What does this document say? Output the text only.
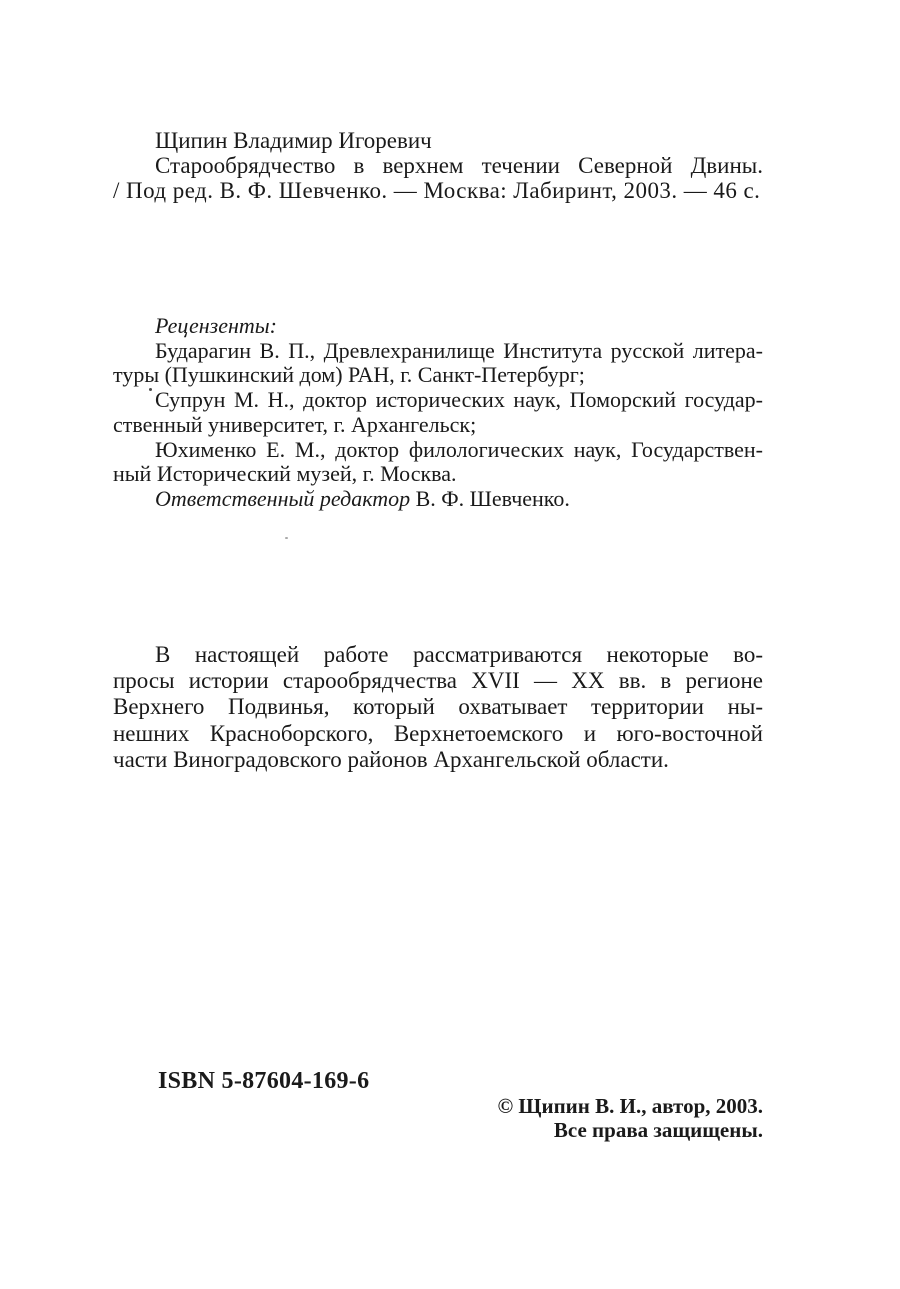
Щипин Владимир Игоревич
Старообрядчество в верхнем течении Северной Двины.
/ Под ред. В. Ф. Шевченко. — Москва: Лабиринт, 2003. — 46 с.
Рецензенты:
Бударагин В. П., Древлехранилище Института русской литера-
туры (Пушкинский дом) РАН, г. Санкт-Петербург;
Супрун М. Н., доктор исторических наук, Поморский государ-
ственный университет, г. Архангельск;
Юхименко Е. М., доктор филологических наук, Государствен-
ный Исторический музей, г. Москва.
Ответственный редактор В. Ф. Шевченко.
В настоящей работе рассматриваются некоторые во-
просы истории старообрядчества XVII — XX вв. в регионе
Верхнего Подвинья, который охватывает территории ны-
нешних Красноборского, Верхнетоемского и юго-восточной
части Виноградовского районов Архангельской области.
ISBN 5-87604-169-6
© Щипин В. И., автор, 2003.
Все права защищены.
